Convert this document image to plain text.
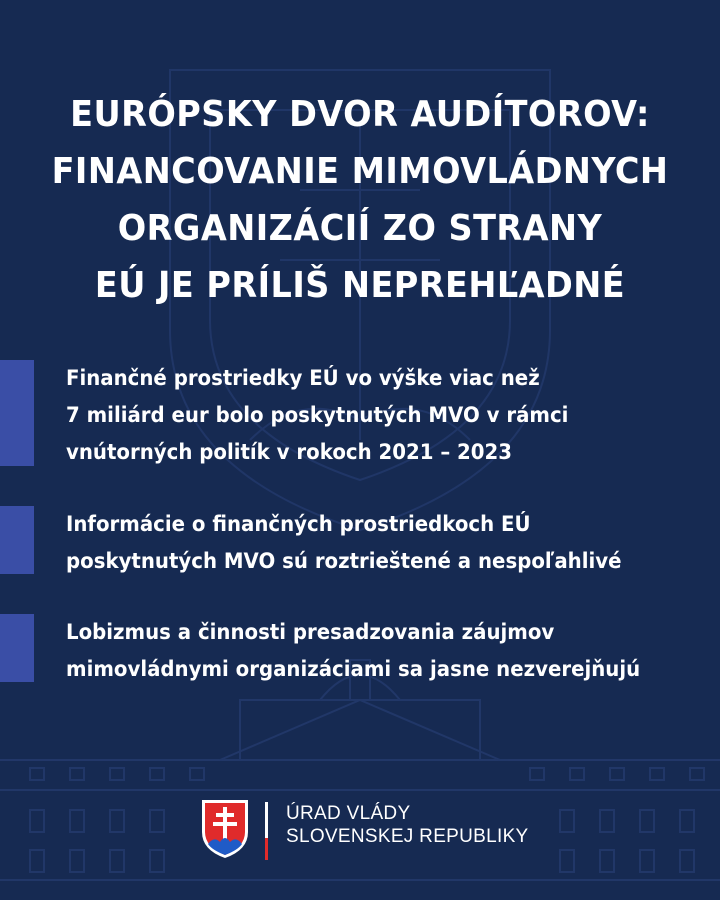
EURÓPSKY DVOR AUDÍTOROV:
FINANCOVANIE MIMOVLÁDNYCH
ORGANIZÁCIÍ ZO STRANY
EÚ JE PRÍLIŠ NEPREHĽADNÉ
Finančné prostriedky EÚ vo výške viac než
7 miliárd eur bolo poskytnutých MVO v rámci
vnútorných politík v rokoch 2021 – 2023
Informácie o finančných prostriedkoch EÚ
poskytnutých MVO sú roztrieštené a nespoľahlivé
Lobizmus a činnosti presadzovania záujmov
mimovládnymi organizáciami sa jasne nezverejňujú
ÚRAD VLÁDY
SLOVENSKEJ REPUBLIKY
